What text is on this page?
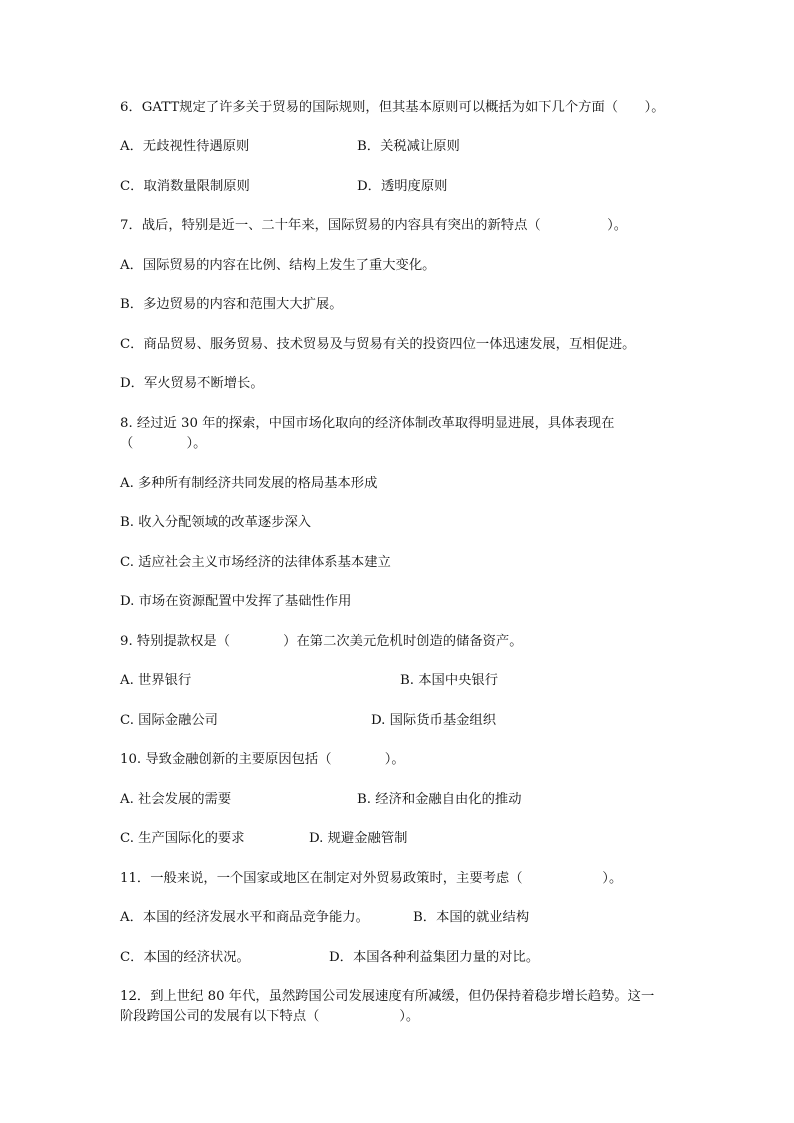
6．GATT规定了许多关于贸易的国际规则，但其基本原则可以概括为如下几个方面（　　）。
A．无歧视性待遇原则	B．关税减让原则
C．取消数量限制原则	D．透明度原则
7．战后，特别是近一、二十年来，国际贸易的内容具有突出的新特点（　　　　　）。
A．国际贸易的内容在比例、结构上发生了重大变化。
B．多边贸易的内容和范围大大扩展。
C．商品贸易、服务贸易、技术贸易及与贸易有关的投资四位一体迅速发展，互相促进。
D．军火贸易不断增长。
8. 经过近 30 年的探索，中国市场化取向的经济体制改革取得明显进展，具体表现在
（　　　　）。
A. 多种所有制经济共同发展的格局基本形成
B. 收入分配领域的改革逐步深入
C. 适应社会主义市场经济的法律体系基本建立
D. 市场在资源配置中发挥了基础性作用
9. 特别提款权是（　　　　）在第二次美元危机时创造的储备资产。
A. 世界银行	B. 本国中央银行
C. 国际金融公司	D. 国际货币基金组织
10. 导致金融创新的主要原因包括（　　　　）。
A. 社会发展的需要	B. 经济和金融自由化的推动
C. 生产国际化的要求	D. 规避金融管制
11．一般来说，一个国家或地区在制定对外贸易政策时，主要考虑（　　　　　　）。
A．本国的经济发展水平和商品竞争能力。	B．本国的就业结构
C．本国的经济状况。	D．本国各种利益集团力量的对比。
12．到上世纪 80 年代，虽然跨国公司发展速度有所减缓，但仍保持着稳步增长趋势。这一
阶段跨国公司的发展有以下特点（　　　　　　）。
